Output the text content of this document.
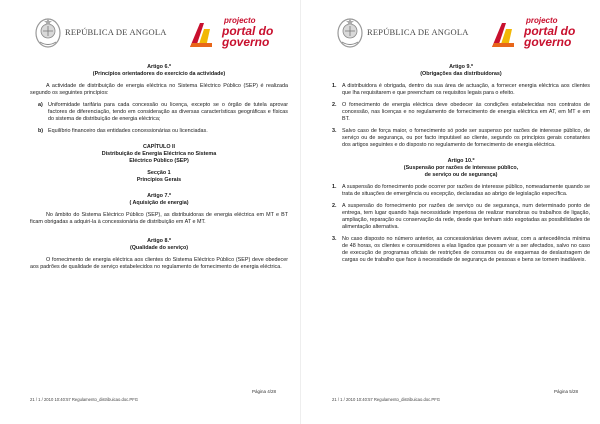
REPÚBLICA DE ANGOLA
projecto
portal do
governo
Artigo 6.º
(Princípios orientadores do exercício da actividade)
A actividade de distribuição de energia eléctrica no Sistema Eléctrico Público (SEP) é realizada segundo os seguintes princípios:
a) Uniformidade tarifária para cada concessão ou licença, excepto se o órgão de tutela aprovar factores de diferenciação, tendo em consideração as diversas características geográficas e físicas do sistema de distribuição de energia eléctrica;
b) Equilíbrio financeiro das entidades concessionárias ou licenciadas.
CAPÍTULO II
Distribuição de Energia Eléctrica no Sistema
Eléctrico Público (SEP)
Secção 1
Princípios Gerais
Artigo 7.º
( Aquisição de energia)
No âmbito do Sistema Eléctrico Público (SEP), as distribuidoras de energia eléctrica em MT e BT ficam obrigadas a adquiri-la à concessionária de distribuição em AT e MT.
Artigo 8.º
(Qualidade do serviço)
O fornecimento de energia eléctrica aos clientes do Sistema Eléctrico Público (SEP) deve obedecer aos padrões de qualidade de serviço estabelecidos no regulamento de fornecimento de energia eléctrica.
Página 4/28
21 / 1 / 2010 10:40:57 Regulamento_distribuicao.doc.PFG
REPÚBLICA DE ANGOLA
projecto
portal do
governo
Artigo 9.º
(Obrigações das distribuidoras)
1.	A distribuidora é obrigada, dentro da sua área de actuação, a fornecer energia eléctrica aos clientes que lha requisitarem e que preencham os requisitos legais para o efeito.
2.	O fornecimento de energia eléctrica deve obedecer às condições estabelecidas nos contratos de concessão, nas licenças e no regulamento de fornecimento de energia eléctrica em AT, em MT e em BT.
3.	Salvo caso de força maior, o fornecimento só pode ser suspenso por razões de interesse público, de serviço ou de segurança, ou por facto imputável ao cliente, segundo os princípios gerais constantes dos artigos seguintes e do disposto no regulamento de fornecimento de energia eléctrica.
Artigo 10.º
(Suspensão por razões de interesse público,
de serviço ou de segurança)
1.	A suspensão do fornecimento pode ocorrer por razões de interesse público, nomeadamente quando se trata de situações de emergência ou excepção, declaradas ao abrigo de legislação específica.
2.	A suspensão do fornecimento por razões de serviço ou de segurança, num determinado ponto de entrega, tem lugar quando haja necessidade imperiosa de realizar manobras ou trabalhos de ligação, ampliação, reparação ou conservação da rede, desde que tenham sido esgotadas as possibilidades de alimentação alternativa.
3.	No caso disposto no número anterior, as concessionárias devem avisar, com a antecedência mínima de 48 horas, os clientes e consumidores a elas ligados que possam vir a ser afectados, salvo no caso de execução de programas oficiais de restrições de consumos ou de esquemas de deslastragem de cargas ou de trabalho que face à necessidade de segurança de pessoas e bens se tornem inadiáveis.
Página 5/28
21 / 1 / 2010 10:40:57 Regulamento_distribuicao.doc.PFG
